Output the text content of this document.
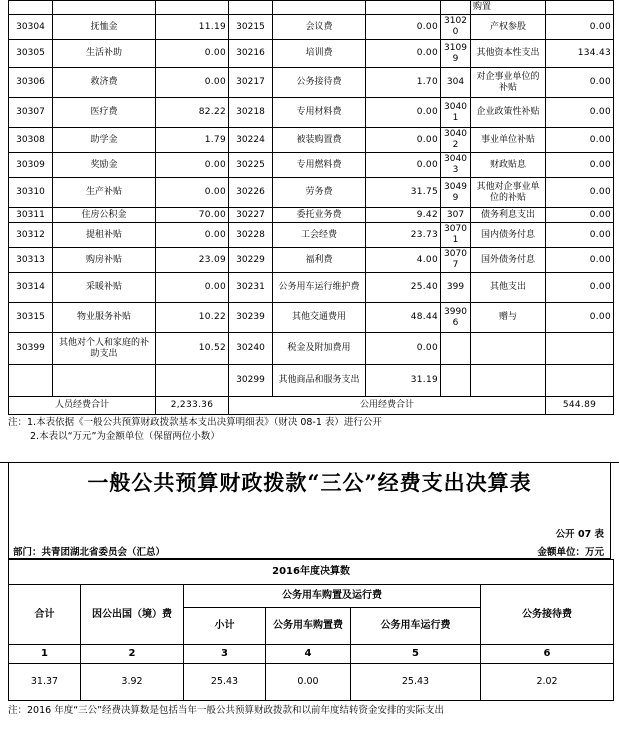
							购置	
30304	抚恤金	11.19	30215	会议费	0.00	31020	产权参股	0.00
30305	生活补助	0.00	30216	培训费	0.00	31099	其他资本性支出	134.43
30306	救济费	0.00	30217	公务接待费	1.70	304	对企事业单位的补贴	0.00
30307	医疗费	82.22	30218	专用材料费	0.00	30401	企业政策性补贴	0.00
30308	助学金	1.79	30224	被装购置费	0.00	30402	事业单位补贴	0.00
30309	奖励金	0.00	30225	专用燃料费	0.00	30403	财政贴息	0.00
30310	生产补贴	0.00	30226	劳务费	31.75	30499	其他对企事业单位的补贴	0.00
30311	住房公积金	70.00	30227	委托业务费	9.42	307	债务利息支出	0.00
30312	提租补贴	0.00	30228	工会经费	23.73	30701	国内债务付息	0.00
30313	购房补贴	23.09	30229	福利费	4.00	30707	国外债务付息	0.00
30314	采暖补贴	0.00	30231	公务用车运行维护费	25.40	399	其他支出	0.00
30315	物业服务补贴	10.22	30239	其他交通费用	48.44	39906	赠与	0.00
30399	其他对个人和家庭的补助支出	10.52	30240	税金及附加费用	0.00			
			30299	其他商品和服务支出	31.19			
人员经费合计		2,233.36	公用经费合计					544.89
注：1.本表依据《一般公共预算财政拨款基本支出决算明细表》（财决 08-1 表）进行公开
2.本表以“万元”为金额单位（保留两位小数）
一般公共预算财政拨款“三公”经费支出决算表
公开 07 表
部门：共青团湖北省委员会（汇总）	金额单位：万元
2016年度决算数					
合计	因公出国（境）费	公务用车购置及运行费			公务接待费
		小计	公务用车购置费	公务用车运行费	
1	2	3	4	5	6
31.37	3.92	25.43	0.00	25.43	2.02
注：2016 年度“三公”经费决算数是包括当年一般公共预算财政拨款和以前年度结转资金安排的实际支出
